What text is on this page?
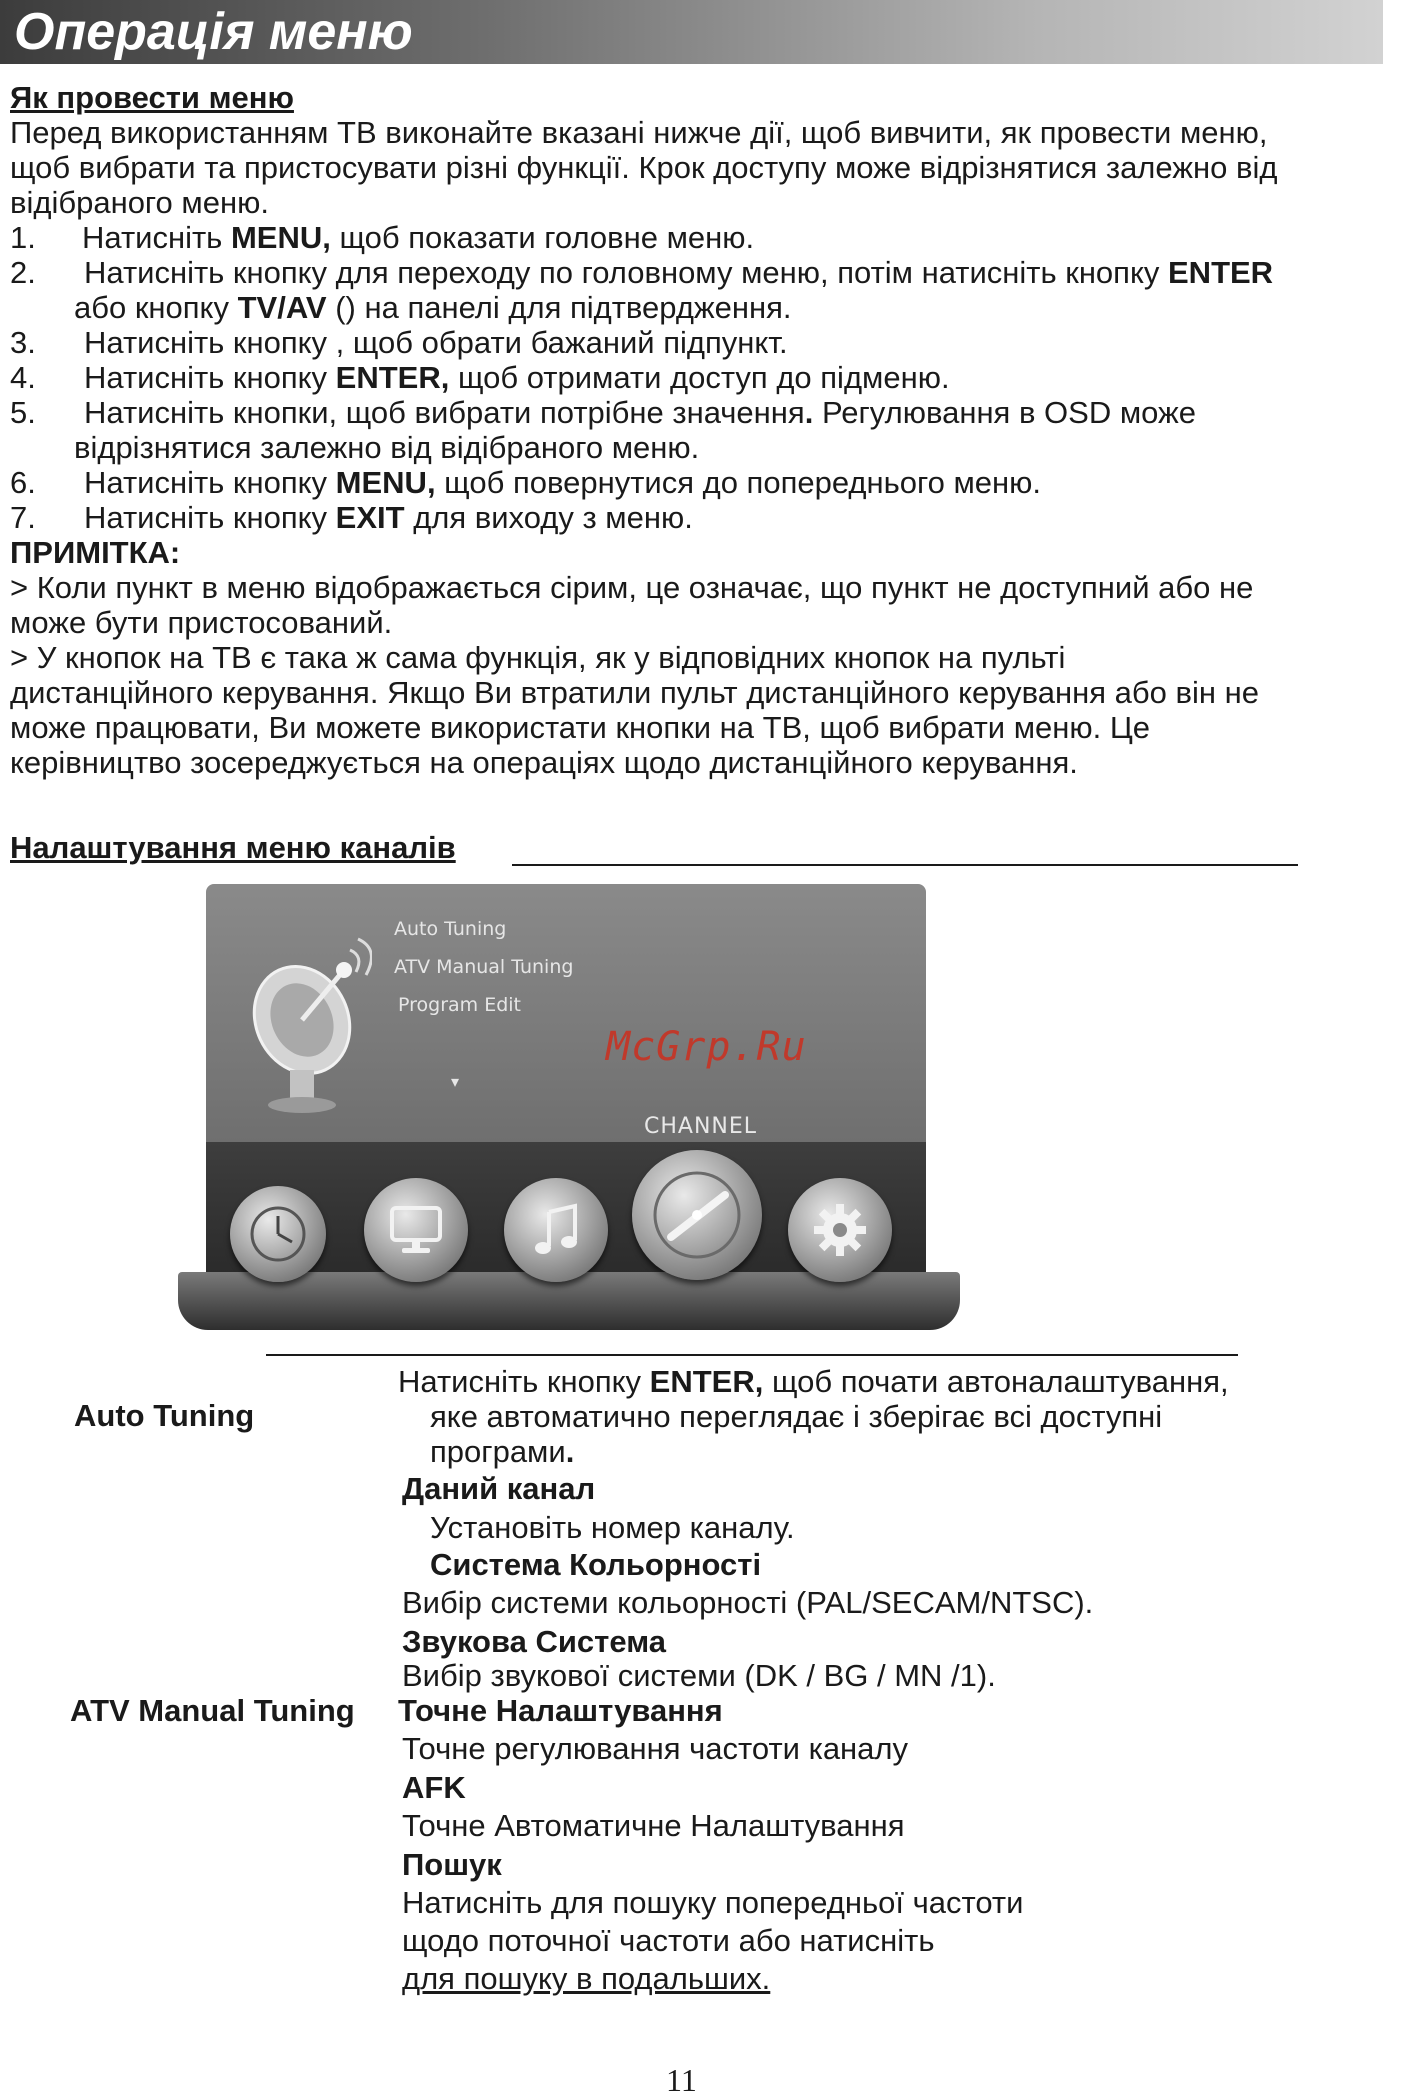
Операція меню
Як провести меню
Перед використанням ТВ виконайте вказані нижче дії, щоб вивчити, як провести меню,
щоб вибрати та пристосувати різні функції. Крок доступу може відрізнятися залежно від
відібраного меню.
1. Натисніть MENU, щоб показати головне меню.
2. Натисніть кнопку для переходу по головному меню, потім натисніть кнопку ENTER
або кнопку TV/AV () на панелі для підтвердження.
3. Натисніть кнопку , щоб обрати бажаний підпункт.
4. Натисніть кнопку ENTER, щоб отримати доступ до підменю.
5. Натисніть кнопки, щоб вибрати потрібне значення. Регулювання в OSD може
відрізнятися залежно від відібраного меню.
6. Натисніть кнопку MENU, щоб повернутися до попереднього меню.
7. Натисніть кнопку EXIT для виходу з меню.
ПРИМІТКА:
> Коли пункт в меню відображається сірим, це означає, що пункт не доступний або не
може бути пристосований.
> У кнопок на ТВ є така ж сама функція, як у відповідних кнопок на пульті
дистанційного керування. Якщо Ви втратили пульт дистанційного керування або він не
може працювати, Ви можете використати кнопки на ТВ, щоб вибрати меню. Це
керівництво зосереджується на операціях щодо дистанційного керування.
Налаштування меню каналів
Auto Tuning
ATV Manual Tuning
Program Edit
▾
McGrp.Ru
CHANNEL
Auto Tuning
Натисніть кнопку ENTER, щоб почати автоналаштування,
яке автоматично переглядає і зберігає всі доступні
програми.
Даний канал
Установіть номер каналу.
Система Кольорності
Вибір системи кольорності (PAL/SECAM/NTSC).
Звукова Система
Вибір звукової системи (DK / BG / MN /1).
ATV Manual Tuning Точне Налаштування
Точне регулювання частоти каналу
AFK
Точне Автоматичне Налаштування
Пошук
Натисніть для пошуку попередньої частоти
щодо поточної частоти або натисніть
для пошуку в подальших.
11
